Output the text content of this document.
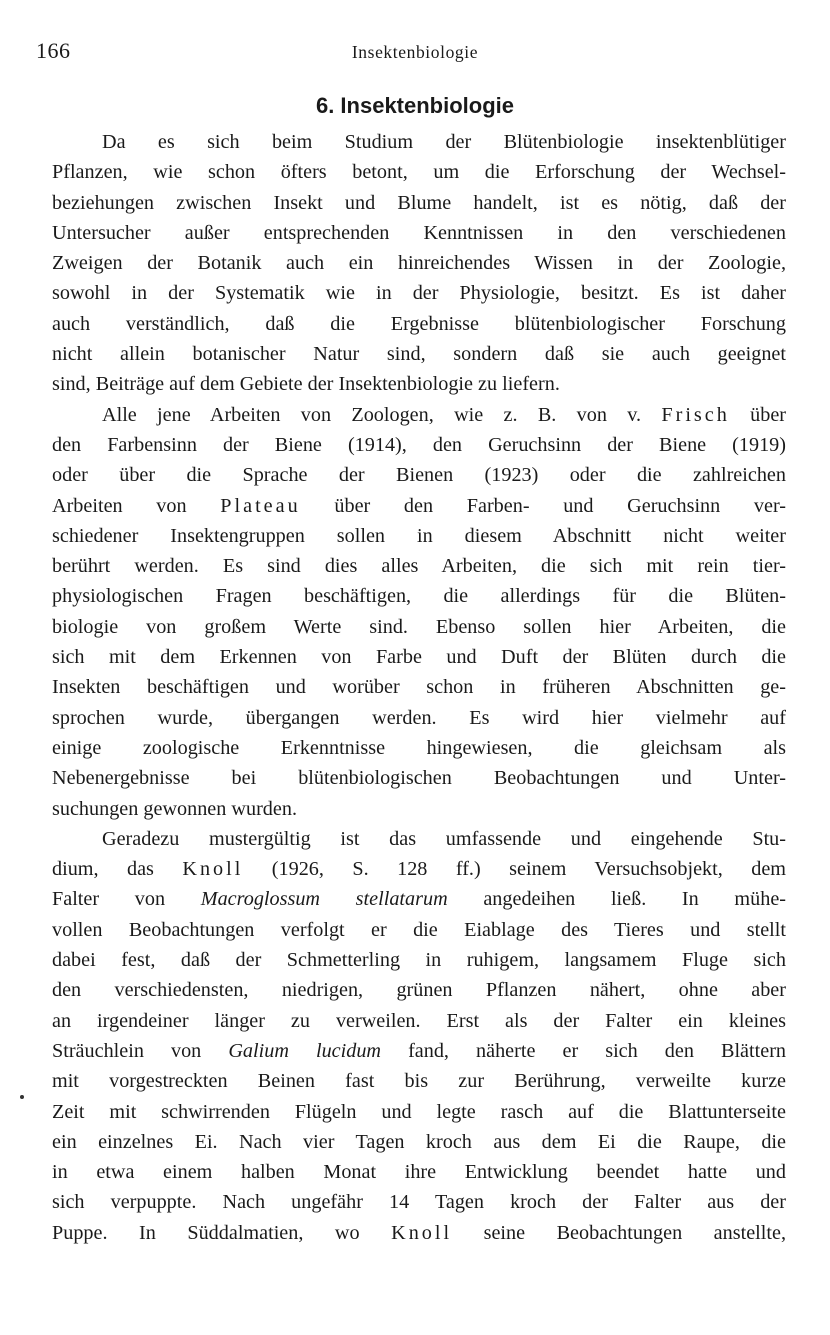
166	Insektenbiologie
6. Insektenbiologie
Da es sich beim Studium der Blütenbiologie insektenblütiger
Pflanzen, wie schon öfters betont, um die Erforschung der Wechsel-
beziehungen zwischen Insekt und Blume handelt, ist es nötig, daß der
Untersucher außer entsprechenden Kenntnissen in den verschiedenen
Zweigen der Botanik auch ein hinreichendes Wissen in der Zoologie,
sowohl in der Systematik wie in der Physiologie, besitzt. Es ist daher
auch verständlich, daß die Ergebnisse blütenbiologischer Forschung
nicht allein botanischer Natur sind, sondern daß sie auch geeignet
sind, Beiträge auf dem Gebiete der Insektenbiologie zu liefern.
Alle jene Arbeiten von Zoologen, wie z. B. von v. Frisch über
den Farbensinn der Biene (1914), den Geruchsinn der Biene (1919)
oder über die Sprache der Bienen (1923) oder die zahlreichen
Arbeiten von Plateau über den Farben- und Geruchsinn ver-
schiedener Insektengruppen sollen in diesem Abschnitt nicht weiter
berührt werden. Es sind dies alles Arbeiten, die sich mit rein tier-
physiologischen Fragen beschäftigen, die allerdings für die Blüten-
biologie von großem Werte sind. Ebenso sollen hier Arbeiten, die
sich mit dem Erkennen von Farbe und Duft der Blüten durch die
Insekten beschäftigen und worüber schon in früheren Abschnitten ge-
sprochen wurde, übergangen werden. Es wird hier vielmehr auf
einige zoologische Erkenntnisse hingewiesen, die gleichsam als
Nebenergebnisse bei blütenbiologischen Beobachtungen und Unter-
suchungen gewonnen wurden.
Geradezu mustergültig ist das umfassende und eingehende Stu-
dium, das Knoll (1926, S. 128 ff.) seinem Versuchsobjekt, dem
Falter von Macroglossum stellatarum angedeihen ließ. In mühe-
vollen Beobachtungen verfolgt er die Eiablage des Tieres und stellt
dabei fest, daß der Schmetterling in ruhigem, langsamem Fluge sich
den verschiedensten, niedrigen, grünen Pflanzen nähert, ohne aber
an irgendeiner länger zu verweilen. Erst als der Falter ein kleines
Sträuchlein von Galium lucidum fand, näherte er sich den Blättern
mit vorgestreckten Beinen fast bis zur Berührung, verweilte kurze
Zeit mit schwirrenden Flügeln und legte rasch auf die Blattunterseite
ein einzelnes Ei. Nach vier Tagen kroch aus dem Ei die Raupe, die
in etwa einem halben Monat ihre Entwicklung beendet hatte und
sich verpuppte. Nach ungefähr 14 Tagen kroch der Falter aus der
Puppe. In Süddalmatien, wo Knoll seine Beobachtungen anstellte,
